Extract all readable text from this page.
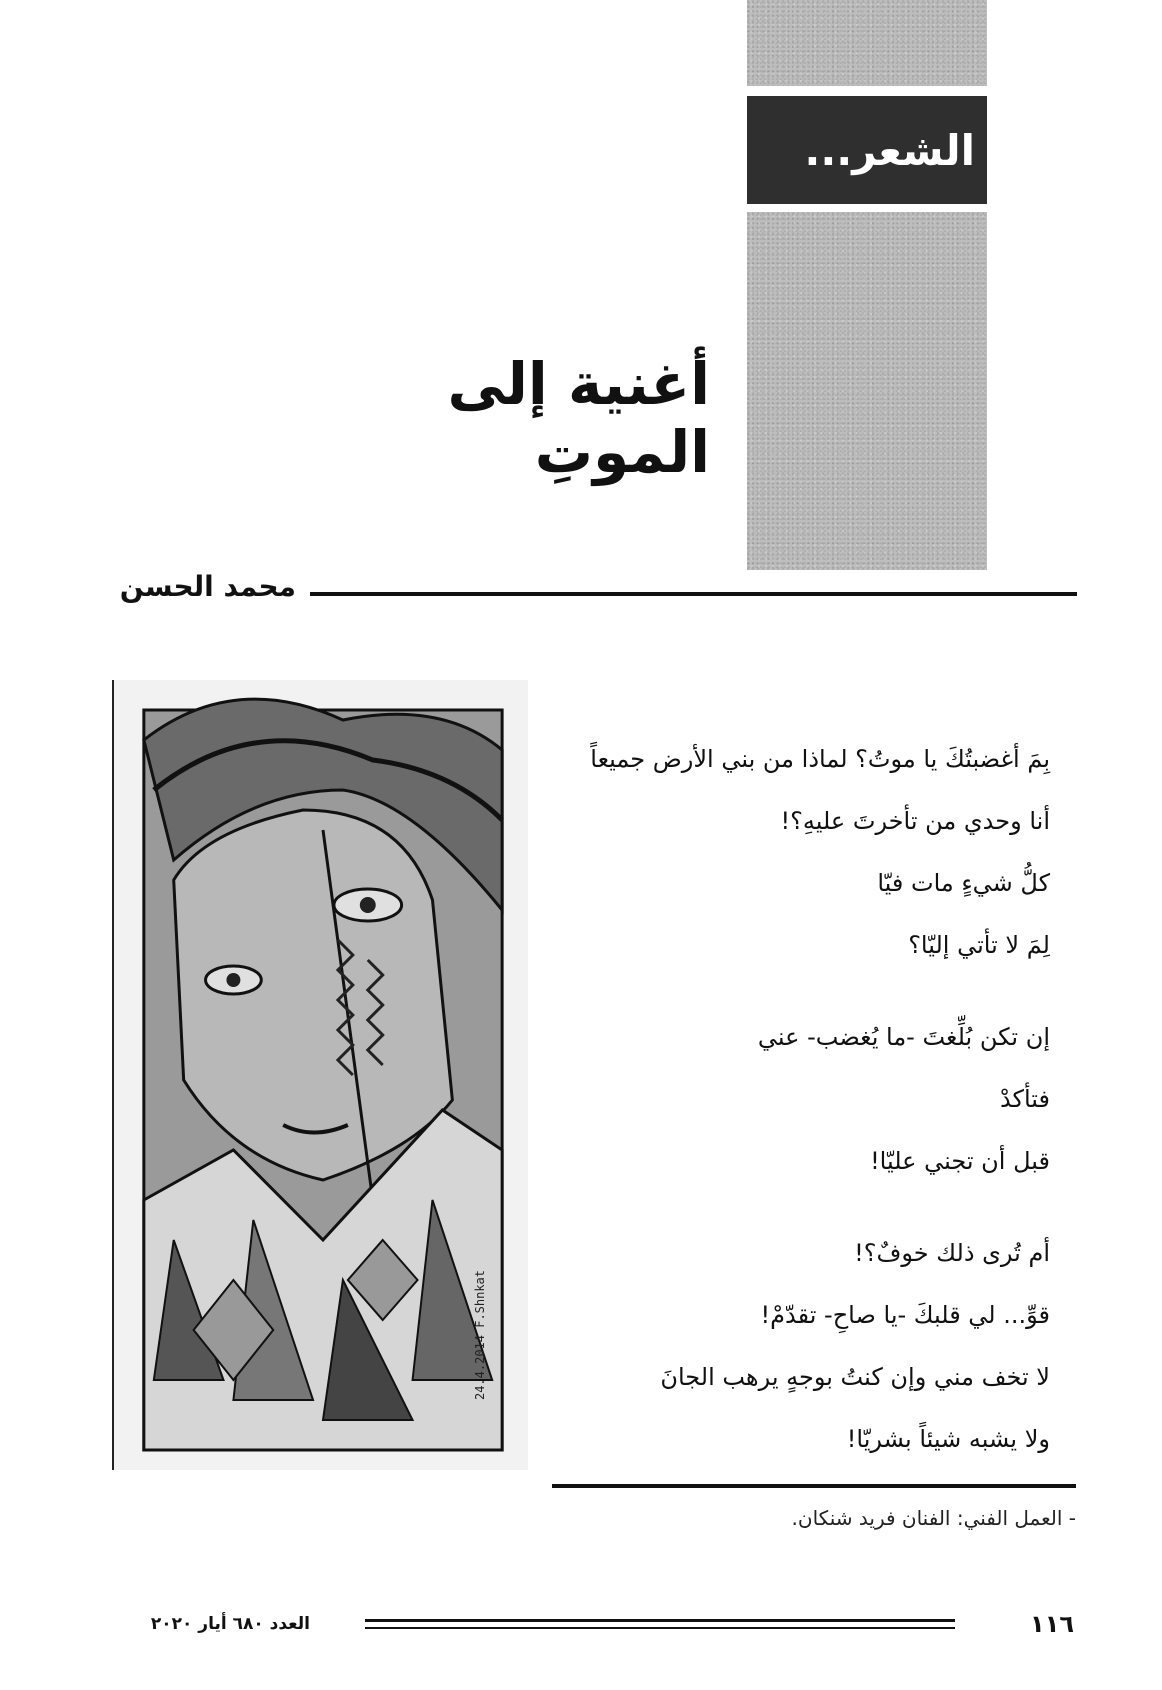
الشعر...
أغنية إلى الموتِ
محمد الحسن
24.4.2014 F.Shnkat
بِمَ أغضبتُكَ يا موتُ؟ لماذا من بني الأرض جميعاً
أنا وحدي من تأخرتَ عليهِ؟!
كلُّ شيءٍ مات فيّا
لِمَ لا تأتي إليّا؟
إن تكن بُلِّغتَ -ما يُغضب- عني
فتأكدْ
قبل أن تجني عليّا!
أم تُرى ذلك خوفٌ؟!
قوِّ... لي قلبكَ -يا صاحِ- تقدّمْ!
لا تخف مني وإن كنتُ بوجهٍ يرهب الجانَ
ولا يشبه شيئاً بشريّا!
- العمل الفني: الفنان فريد شنكان.
١١٦
العدد ٦٨٠ أيار ٢٠٢٠
